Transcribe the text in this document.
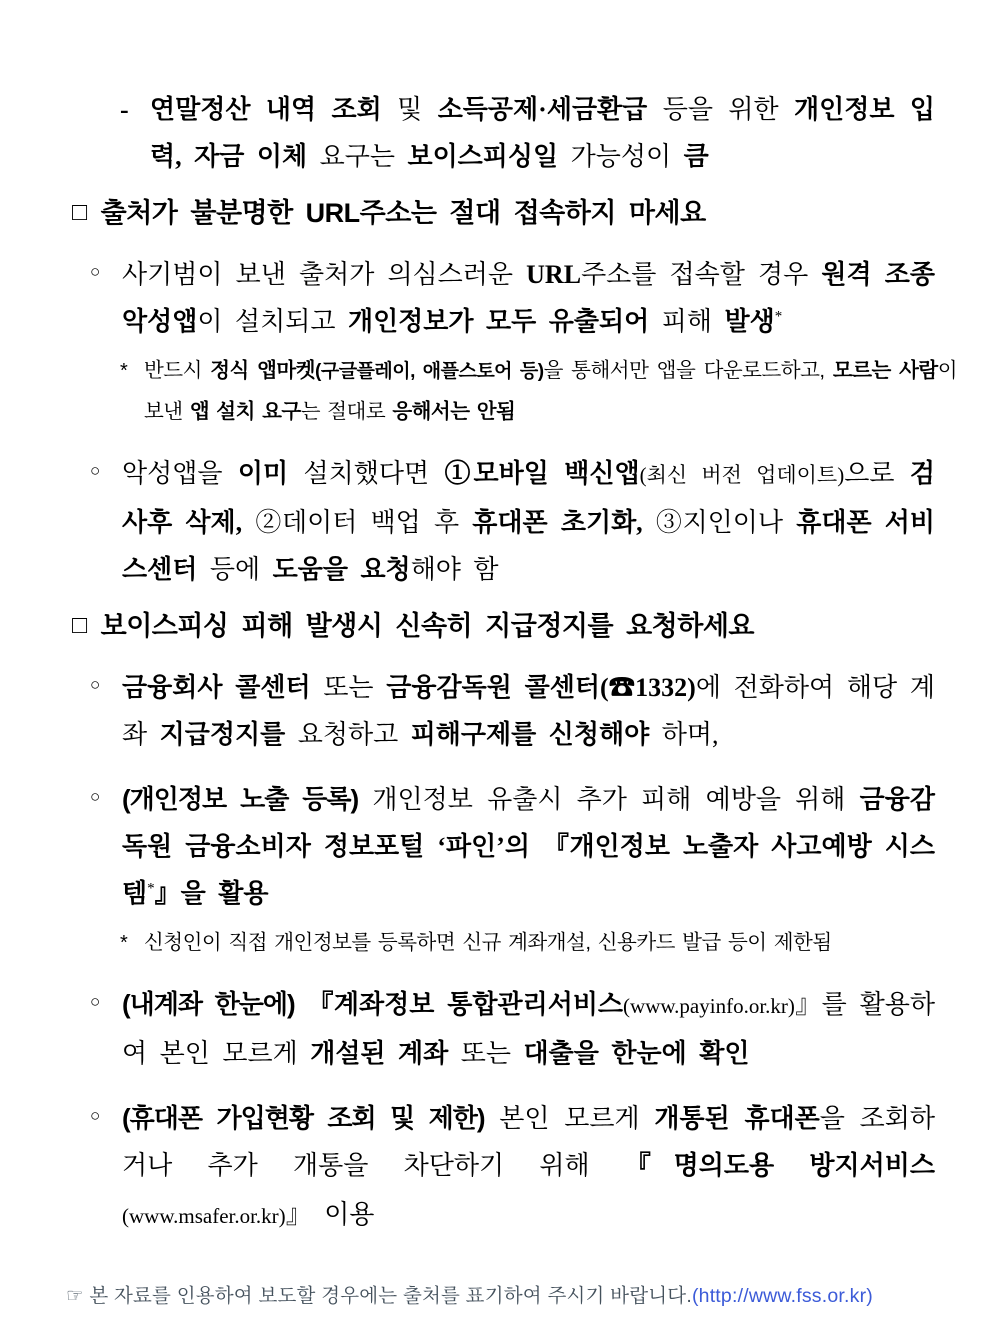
- 연말정산 내역 조회 및 소득공제·세금환급 등을 위한 개인정보 입력, 자금 이체 요구는 보이스피싱일 가능성이 큼
□ 출처가 불분명한 URL주소는 절대 접속하지 마세요
○ 사기범이 보낸 출처가 의심스러운 URL주소를 접속할 경우 원격 조종 악성앱이 설치되고 개인정보가 모두 유출되어 피해 발생*
* 반드시 정식 앱마켓(구글플레이, 애플스토어 등)을 통해서만 앱을 다운로드하고, 모르는 사람이 보낸 앱 설치 요구는 절대로 응해서는 안됨
○ 악성앱을 이미 설치했다면 ①모바일 백신앱(최신 버전 업데이트)으로 검사후 삭제, ②데이터 백업 후 휴대폰 초기화, ③지인이나 휴대폰 서비스센터 등에 도움을 요청해야 함
□ 보이스피싱 피해 발생시 신속히 지급정지를 요청하세요
○ 금융회사 콜센터 또는 금융감독원 콜센터(☎1332)에 전화하여 해당 계좌 지급정지를 요청하고 피해구제를 신청해야 하며,
○ (개인정보 노출 등록) 개인정보 유출시 추가 피해 예방을 위해 금융감독원 금융소비자 정보포털 ‘파인’의 『개인정보 노출자 사고예방 시스템*』을 활용
* 신청인이 직접 개인정보를 등록하면 신규 계좌개설, 신용카드 발급 등이 제한됨
○ (내계좌 한눈에) 『계좌정보 통합관리서비스(www.payinfo.or.kr)』를 활용하여 본인 모르게 개설된 계좌 또는 대출을 한눈에 확인
○ (휴대폰 가입현황 조회 및 제한) 본인 모르게 개통된 휴대폰을 조회하거나 추가 개통을 차단하기 위해 『명의도용 방지서비스 (www.msafer.or.kr)』 이용
☞ 본 자료를 인용하여 보도할 경우에는 출처를 표기하여 주시기 바랍니다.(http://www.fss.or.kr)
